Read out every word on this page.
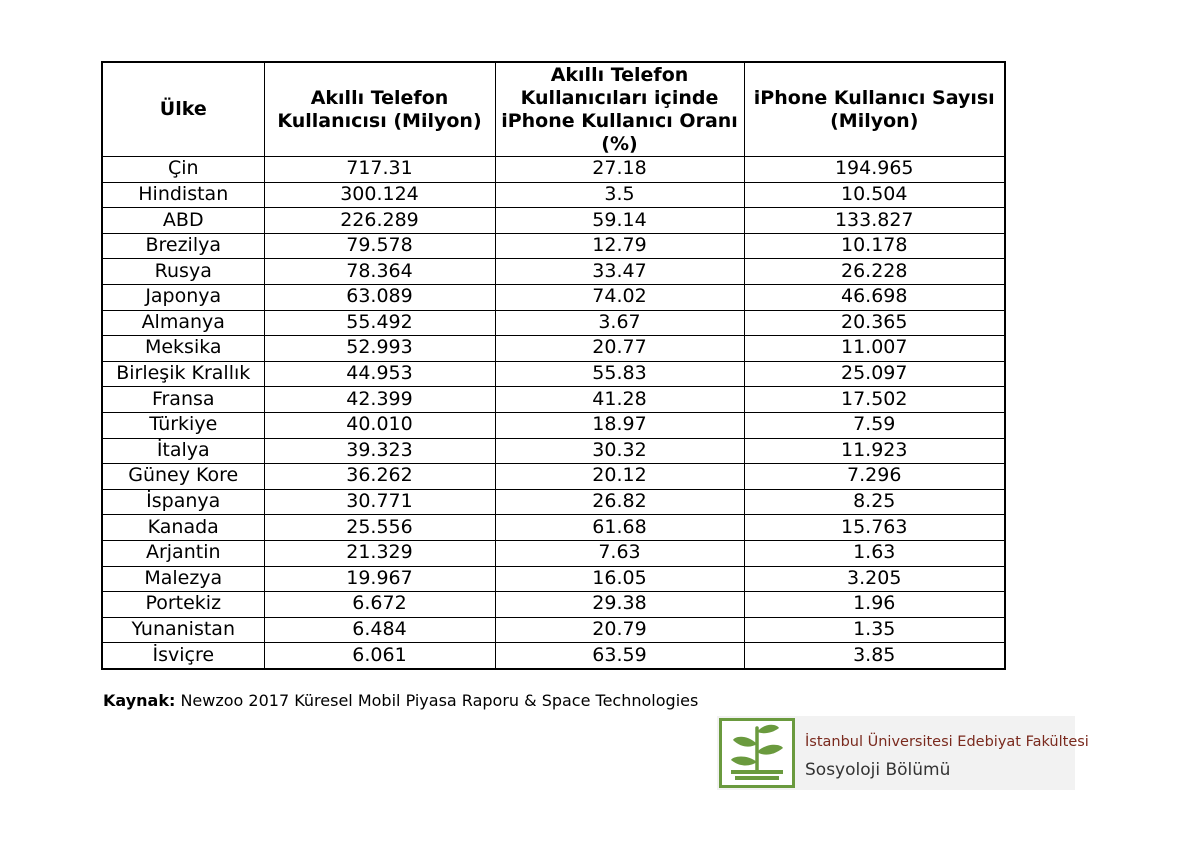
Ülke	Akıllı Telefon Kullanıcısı (Milyon)	Akıllı Telefon Kullanıcıları içinde iPhone Kullanıcı Oranı (%)	iPhone Kullanıcı Sayısı (Milyon)
Çin	717.31	27.18	194.965
Hindistan	300.124	3.5	10.504
ABD	226.289	59.14	133.827
Brezilya	79.578	12.79	10.178
Rusya	78.364	33.47	26.228
Japonya	63.089	74.02	46.698
Almanya	55.492	3.67	20.365
Meksika	52.993	20.77	11.007
Birleşik Krallık	44.953	55.83	25.097
Fransa	42.399	41.28	17.502
Türkiye	40.010	18.97	7.59
İtalya	39.323	30.32	11.923
Güney Kore	36.262	20.12	7.296
İspanya	30.771	26.82	8.25
Kanada	25.556	61.68	15.763
Arjantin	21.329	7.63	1.63
Malezya	19.967	16.05	3.205
Portekiz	6.672	29.38	1.96
Yunanistan	6.484	20.79	1.35
İsviçre	6.061	63.59	3.85
Kaynak: Newzoo 2017 Küresel Mobil Piyasa Raporu & Space Technologies
İstanbul Üniversitesi Edebiyat Fakültesi
Sosyoloji Bölümü
